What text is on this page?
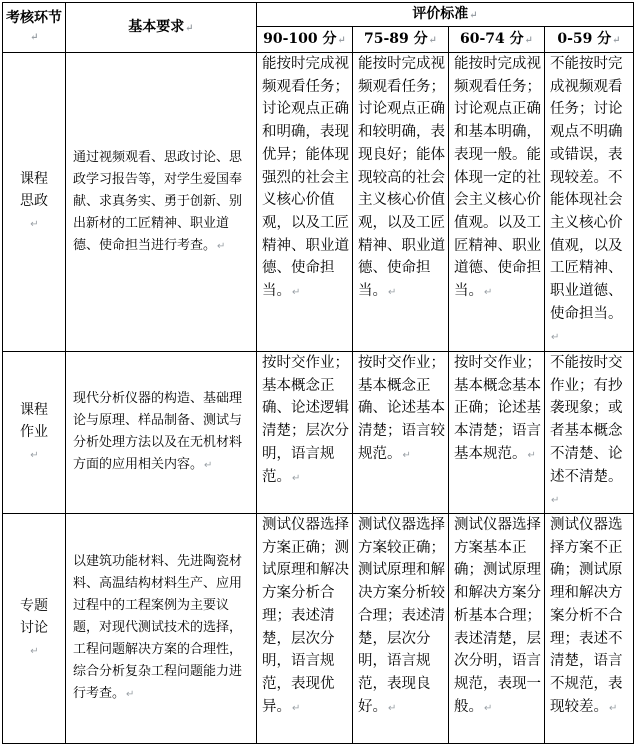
考核环节↵	基本要求↵	评价标准↵			
		90-100 分↵	75-89 分↵	60-74 分↵	0-59 分↵

课程思政↵	通过视频观看、思政讨论、思政学习报告等，对学生爱国奉献、求真务实、勇于创新、别出新材的工匠精神、职业道德、使命担当进行考查。↵	能按时完成视频观看任务；讨论观点正确和明确，表现优异；能体现强烈的社会主义核心价值观，以及工匠精神、职业道德、使命担当。↵	能按时完成视频观看任务；讨论观点正确和较明确，表现良好；能体现较高的社会主义核心价值观，以及工匠精神、职业道德、使命担当。↵	能按时完成视频观看任务；讨论观点正确和基本明确，表现一般。能体现一定的社会主义核心价值观。以及工匠精神、职业道德、使命担当。↵	不能按时完成视频观看任务；讨论观点不明确或错误，表现较差。不能体现社会主义核心价值观，以及工匠精神、职业道德、使命担当。↵

课程作业↵	现代分析仪器的构造、基础理论与原理、样品制备、测试与分析处理方法以及在无机材料方面的应用相关内容。↵	按时交作业；基本概念正确、论述逻辑清楚；层次分明，语言规范。↵	按时交作业；基本概念正确、论述基本清楚；语言较规范。↵	按时交作业；基本概念基本正确；论述基本清楚；语言基本规范。↵	不能按时交作业；有抄袭现象；或者基本概念不清楚、论述不清楚。↵

专题讨论↵	以建筑功能材料、先进陶瓷材料、高温结构材料生产、应用过程中的工程案例为主要议题，对现代测试技术的选择，工程问题解决方案的合理性，综合分析复杂工程问题能力进行考查。↵	测试仪器选择方案正确；测试原理和解决方案分析合理；表述清楚，层次分明，语言规范，表现优异。↵	测试仪器选择方案较正确；测试原理和解决方案分析较合理；表述清楚，层次分明，语言规范，表现良好。↵	测试仪器选择方案基本正确；测试原理和解决方案分析基本合理；表述清楚，层次分明，语言规范，表现一般。↵	测试仪器选择方案不正确；测试原理和解决方案分析不合理；表述不清楚，语言不规范，表现较差。↵
